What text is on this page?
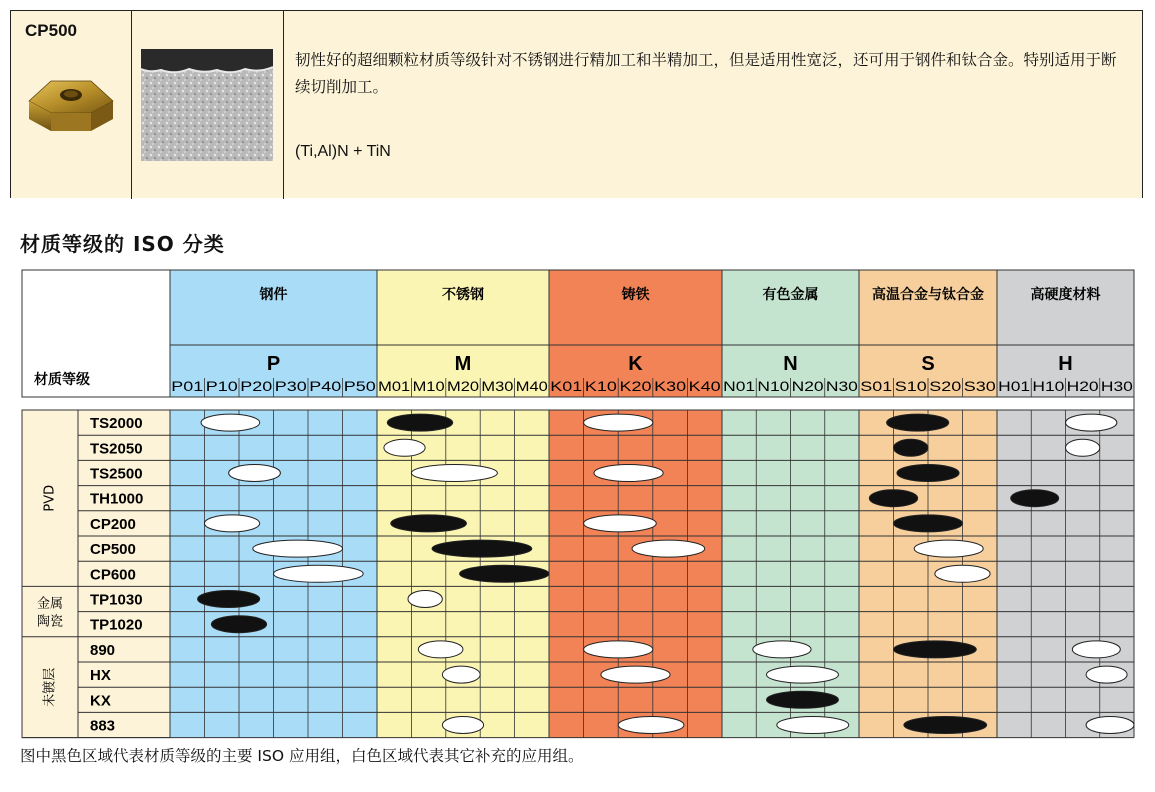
CP500
韧性好的超细颗粒材质等级针对不锈钢进行精加工和半精加工，但是适用性宽泛，还可用于钢件和钛合金。特别适用于断续切削加工。
(Ti,Al)N + TiN
材质等级的 ISO 分类
材质等级
钢件
P
P01 P10 P20 P30 P40 P50
不锈钢
M
M01 M10 M20 M30 M40
铸铁
K
K01 K10 K20 K30 K40
有色金属
N
N01 N10 N20 N30
高温合金与钛合金
S
S01 S10 S20 S30
高硬度材料
H
H01 H10 H20 H30
PVD
金属
陶瓷
未镀层
TS2000
TS2050
TS2500
TH1000
CP200
CP500
CP600
TP1030
TP1020
890
HX
KX
883
图中黑色区域代表材质等级的主要 ISO 应用组，白色区域代表其它补充的应用组。
